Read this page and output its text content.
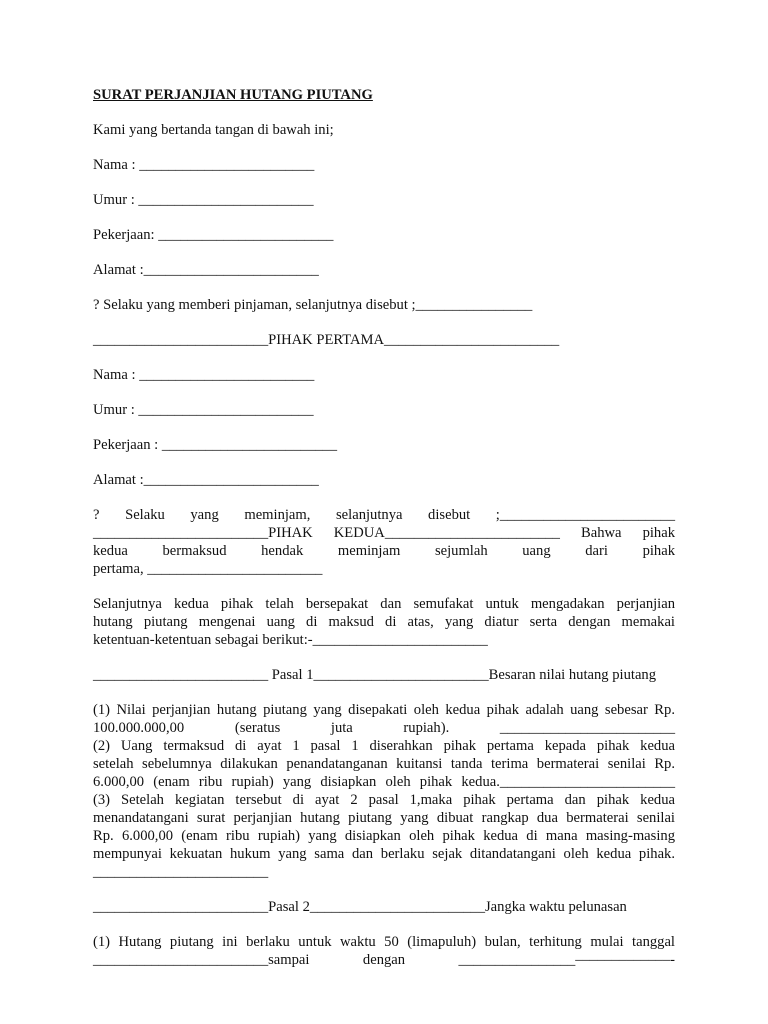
SURAT PERJANJIAN HUTANG PIUTANG
Kami yang bertanda tangan di bawah ini;
Nama : ________________________
Umur : ________________________
Pekerjaan: ________________________
Alamat :________________________
? Selaku yang memberi pinjaman, selanjutnya disebut ;________________
________________________PIHAK PERTAMA________________________
Nama : ________________________
Umur : ________________________
Pekerjaan : ________________________
Alamat :________________________
? Selaku yang meminjam, selanjutnya disebut ;________________________
________________________PIHAK KEDUA________________________ Bahwa pihak
kedua bermaksud hendak meminjam sejumlah uang dari pihak
pertama, ________________________
Selanjutnya kedua pihak telah bersepakat dan semufakat untuk mengadakan perjanjian
hutang piutang mengenai uang di maksud di atas, yang diatur serta dengan memakai
ketentuan-ketentuan sebagai berikut:-________________________
________________________ Pasal 1________________________Besaran nilai hutang piutang
(1) Nilai perjanjian hutang piutang yang disepakati oleh kedua pihak adalah uang sebesar Rp.
100.000.000,00 (seratus juta rupiah). ________________________
(2) Uang termaksud di ayat 1 pasal 1 diserahkan pihak pertama kepada pihak kedua
setelah sebelumnya dilakukan penandatanganan kuitansi tanda terima bermaterai senilai Rp.
6.000,00 (enam ribu rupiah) yang disiapkan oleh pihak kedua.________________________
(3) Setelah kegiatan tersebut di ayat 2 pasal 1,maka pihak pertama dan pihak kedua
menandatangani surat perjanjian hutang piutang yang dibuat rangkap dua bermaterai senilai
Rp. 6.000,00 (enam ribu rupiah) yang disiapkan oleh pihak kedua di mana masing-masing
mempunyai kekuatan hukum yang sama dan berlaku sejak ditandatangani oleh kedua pihak.
________________________
________________________Pasal 2________________________Jangka waktu pelunasan
(1) Hutang piutang ini berlaku untuk waktu 50 (limapuluh) bulan, terhitung mulai tanggal
________________________sampai dengan ________________–––––––––––––-
